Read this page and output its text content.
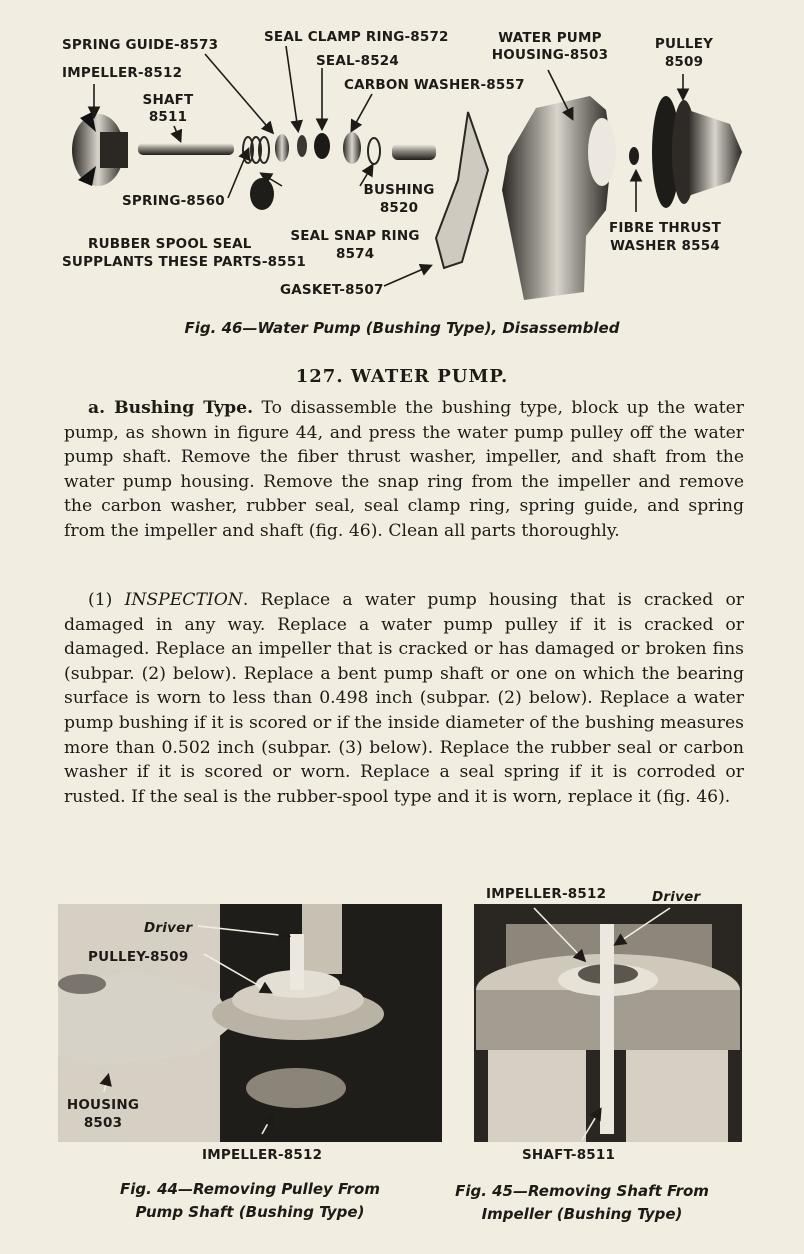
SPRING GUIDE-8573	SEAL CLAMP RING-8572	WATER PUMP
HOUSING-8503
PULLEY
8509
IMPELLER-8512
SEAL-8524
CARBON WASHER-8557
SHAFT
8511
SPRING-8560
BUSHING
8520
RUBBER SPOOL SEAL
SUPPLANTS THESE PARTS-8551
SEAL SNAP RING
8574
FIBRE THRUST
WASHER 8554
GASKET-8507
Fig. 46—Water Pump (Bushing Type), Disassembled
127. WATER PUMP.

a. Bushing Type. To disassemble the bushing type, block up the water pump, as shown in figure 44, and press the water pump pulley off the water pump shaft. Remove the fiber thrust washer, impeller, and shaft from the water pump housing. Remove the snap ring from the impeller and remove the carbon washer, rubber seal, seal clamp ring, spring guide, and spring from the impeller and shaft (fig. 46). Clean all parts thoroughly.

(1) INSPECTION. Replace a water pump housing that is cracked or damaged in any way. Replace a water pump pulley if it is cracked or damaged. Replace an impeller that is cracked or has damaged or broken fins (subpar. (2) below). Replace a bent pump shaft or one on which the bearing surface is worn to less than 0.498 inch (subpar. (2) below). Replace a water pump bushing if it is scored or if the inside diameter of the bushing measures more than 0.502 inch (subpar. (3) below). Replace the rubber seal or carbon washer if it is scored or worn. Replace a seal spring if it is corroded or rusted. If the seal is the rubber-spool type and it is worn, replace it (fig. 46).

Driver
PULLEY-8509
HOUSING
8503
IMPELLER-8512
Fig. 44—Removing Pulley From
Pump Shaft (Bushing Type)
IMPELLER-8512	Driver
SHAFT-8511
Fig. 45—Removing Shaft From
Impeller (Bushing Type)
